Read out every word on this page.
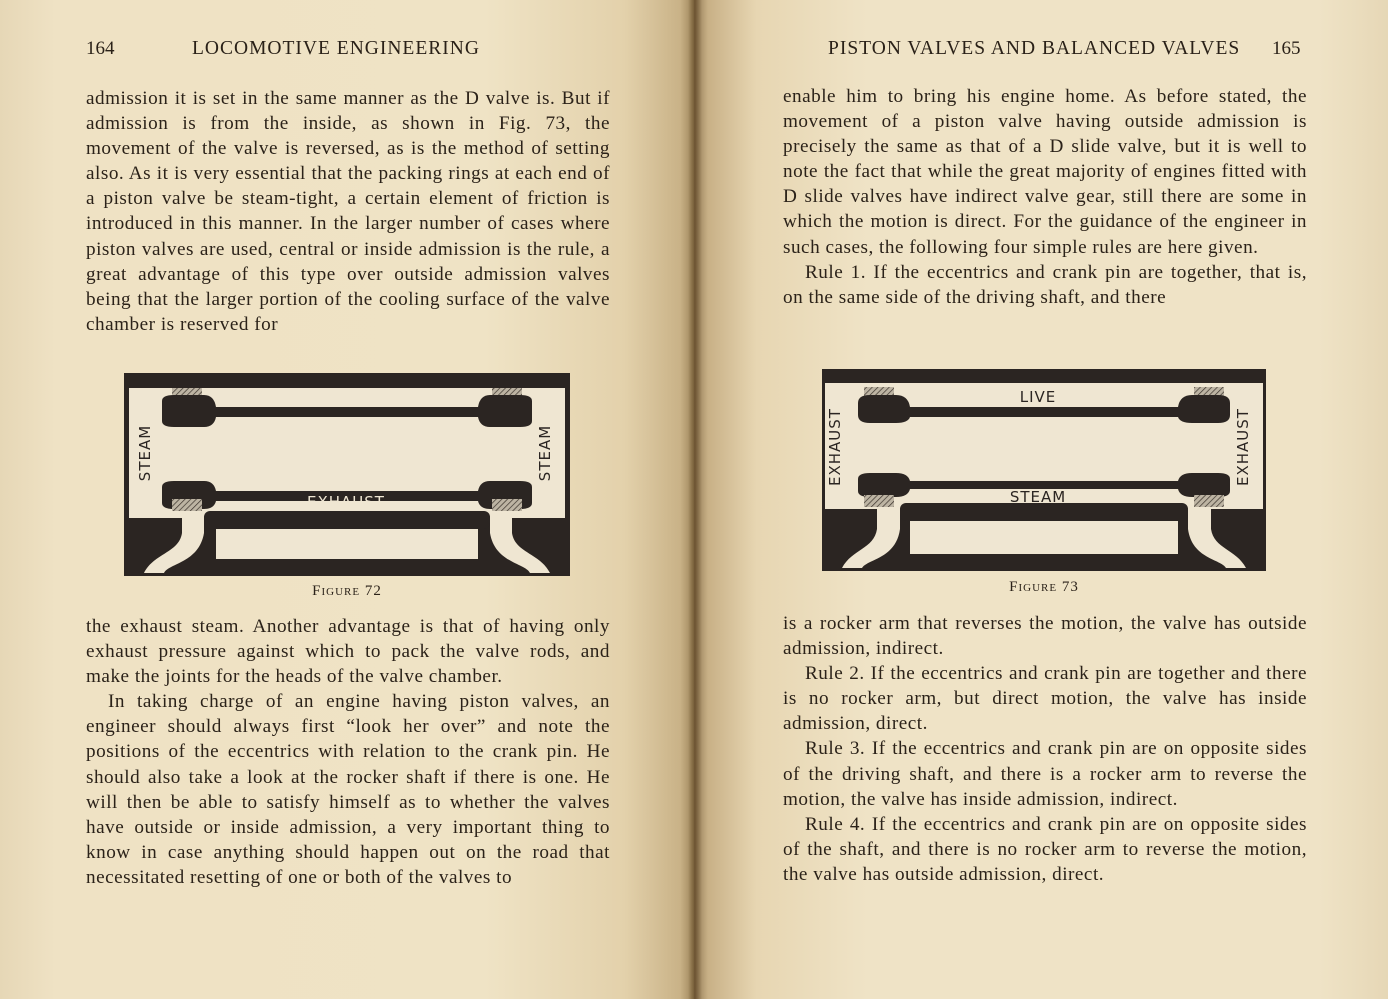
164	LOCOMOTIVE ENGINEERING

admission it is set in the same manner as the D valve is. But if admission is from the inside, as shown in Fig. 73, the movement of the valve is reversed, as is the method of setting also. As it is very essential that the packing rings at each end of a piston valve be steam-tight, a certain element of friction is introduced in this manner. In the larger number of cases where piston valves are used, central or inside admission is the rule, a great advantage of this type over outside admission valves being that the larger portion of the cooling surface of the valve chamber is reserved for

STEAM	STEAM
EXHAUST
Figure 72

the exhaust steam. Another advantage is that of having only exhaust pressure against which to pack the valve rods, and make the joints for the heads of the valve chamber.

In taking charge of an engine having piston valves, an engineer should always first “look her over” and note the positions of the eccentrics with relation to the crank pin. He should also take a look at the rocker shaft if there is one. He will then be able to satisfy himself as to whether the valves have outside or inside admission, a very important thing to know in case anything should happen out on the road that necessitated resetting of one or both of the valves to

PISTON VALVES AND BALANCED VALVES 165

enable him to bring his engine home. As before stated, the movement of a piston valve having outside admission is precisely the same as that of a D slide valve, but it is well to note the fact that while the great majority of engines fitted with D slide valves have indirect valve gear, still there are some in which the motion is direct. For the guidance of the engineer in such cases, the following four simple rules are here given.

Rule 1. If the eccentrics and crank pin are together, that is, on the same side of the driving shaft, and there

EXHAUST	EXHAUST
LIVE
STEAM
Figure 73

is a rocker arm that reverses the motion, the valve has outside admission, indirect.

Rule 2. If the eccentrics and crank pin are together and there is no rocker arm, but direct motion, the valve has inside admission, direct.

Rule 3. If the eccentrics and crank pin are on opposite sides of the driving shaft, and there is a rocker arm to reverse the motion, the valve has inside admission, indirect.

Rule 4. If the eccentrics and crank pin are on opposite sides of the shaft, and there is no rocker arm to reverse the motion, the valve has outside admission, direct.
